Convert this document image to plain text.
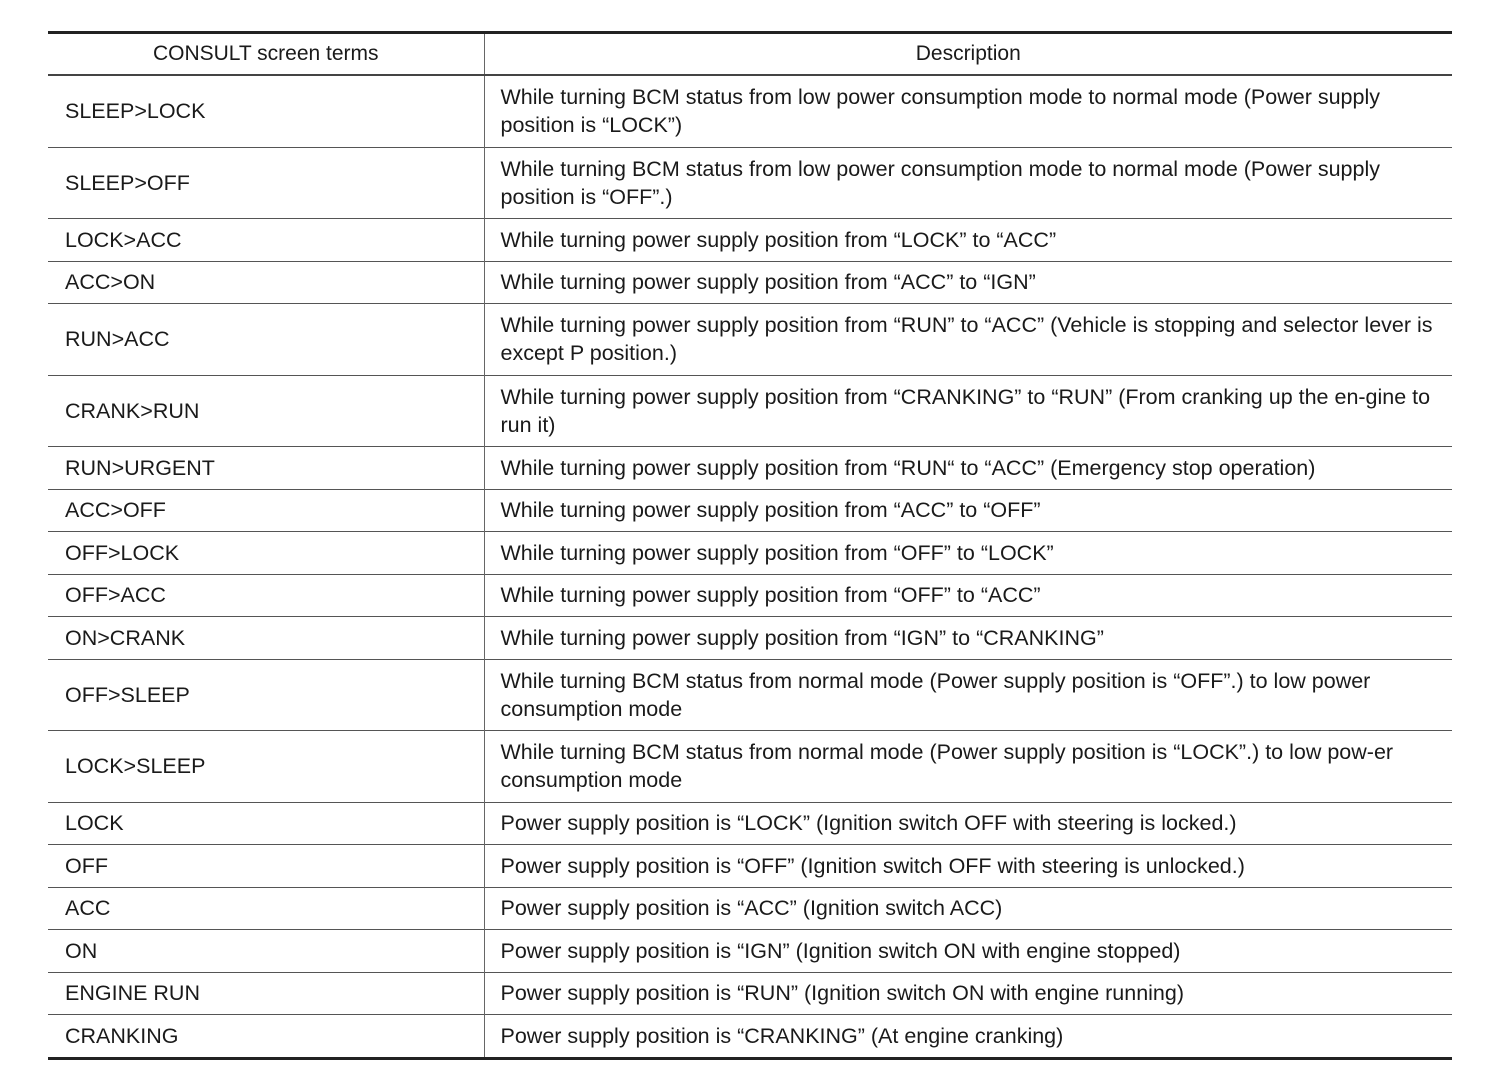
CONSULT screen terms	Description
SLEEP>LOCK	While turning BCM status from low power consumption mode to normal mode (Power supply position is “LOCK”)
SLEEP>OFF	While turning BCM status from low power consumption mode to normal mode (Power supply position is “OFF”.)
LOCK>ACC	While turning power supply position from “LOCK” to “ACC”
ACC>ON	While turning power supply position from “ACC” to “IGN”
RUN>ACC	While turning power supply position from “RUN” to “ACC” (Vehicle is stopping and selector lever is except P position.)
CRANK>RUN	While turning power supply position from “CRANKING” to “RUN” (From cranking up the en-gine to run it)
RUN>URGENT	While turning power supply position from “RUN“ to “ACC” (Emergency stop operation)
ACC>OFF	While turning power supply position from “ACC” to “OFF”
OFF>LOCK	While turning power supply position from “OFF” to “LOCK”
OFF>ACC	While turning power supply position from “OFF” to “ACC”
ON>CRANK	While turning power supply position from “IGN” to “CRANKING”
OFF>SLEEP	While turning BCM status from normal mode (Power supply position is “OFF”.) to low power consumption mode
LOCK>SLEEP	While turning BCM status from normal mode (Power supply position is “LOCK”.) to low pow-er consumption mode
LOCK	Power supply position is “LOCK” (Ignition switch OFF with steering is locked.)
OFF	Power supply position is “OFF” (Ignition switch OFF with steering is unlocked.)
ACC	Power supply position is “ACC” (Ignition switch ACC)
ON	Power supply position is “IGN” (Ignition switch ON with engine stopped)
ENGINE RUN	Power supply position is “RUN” (Ignition switch ON with engine running)
CRANKING	Power supply position is “CRANKING” (At engine cranking)
